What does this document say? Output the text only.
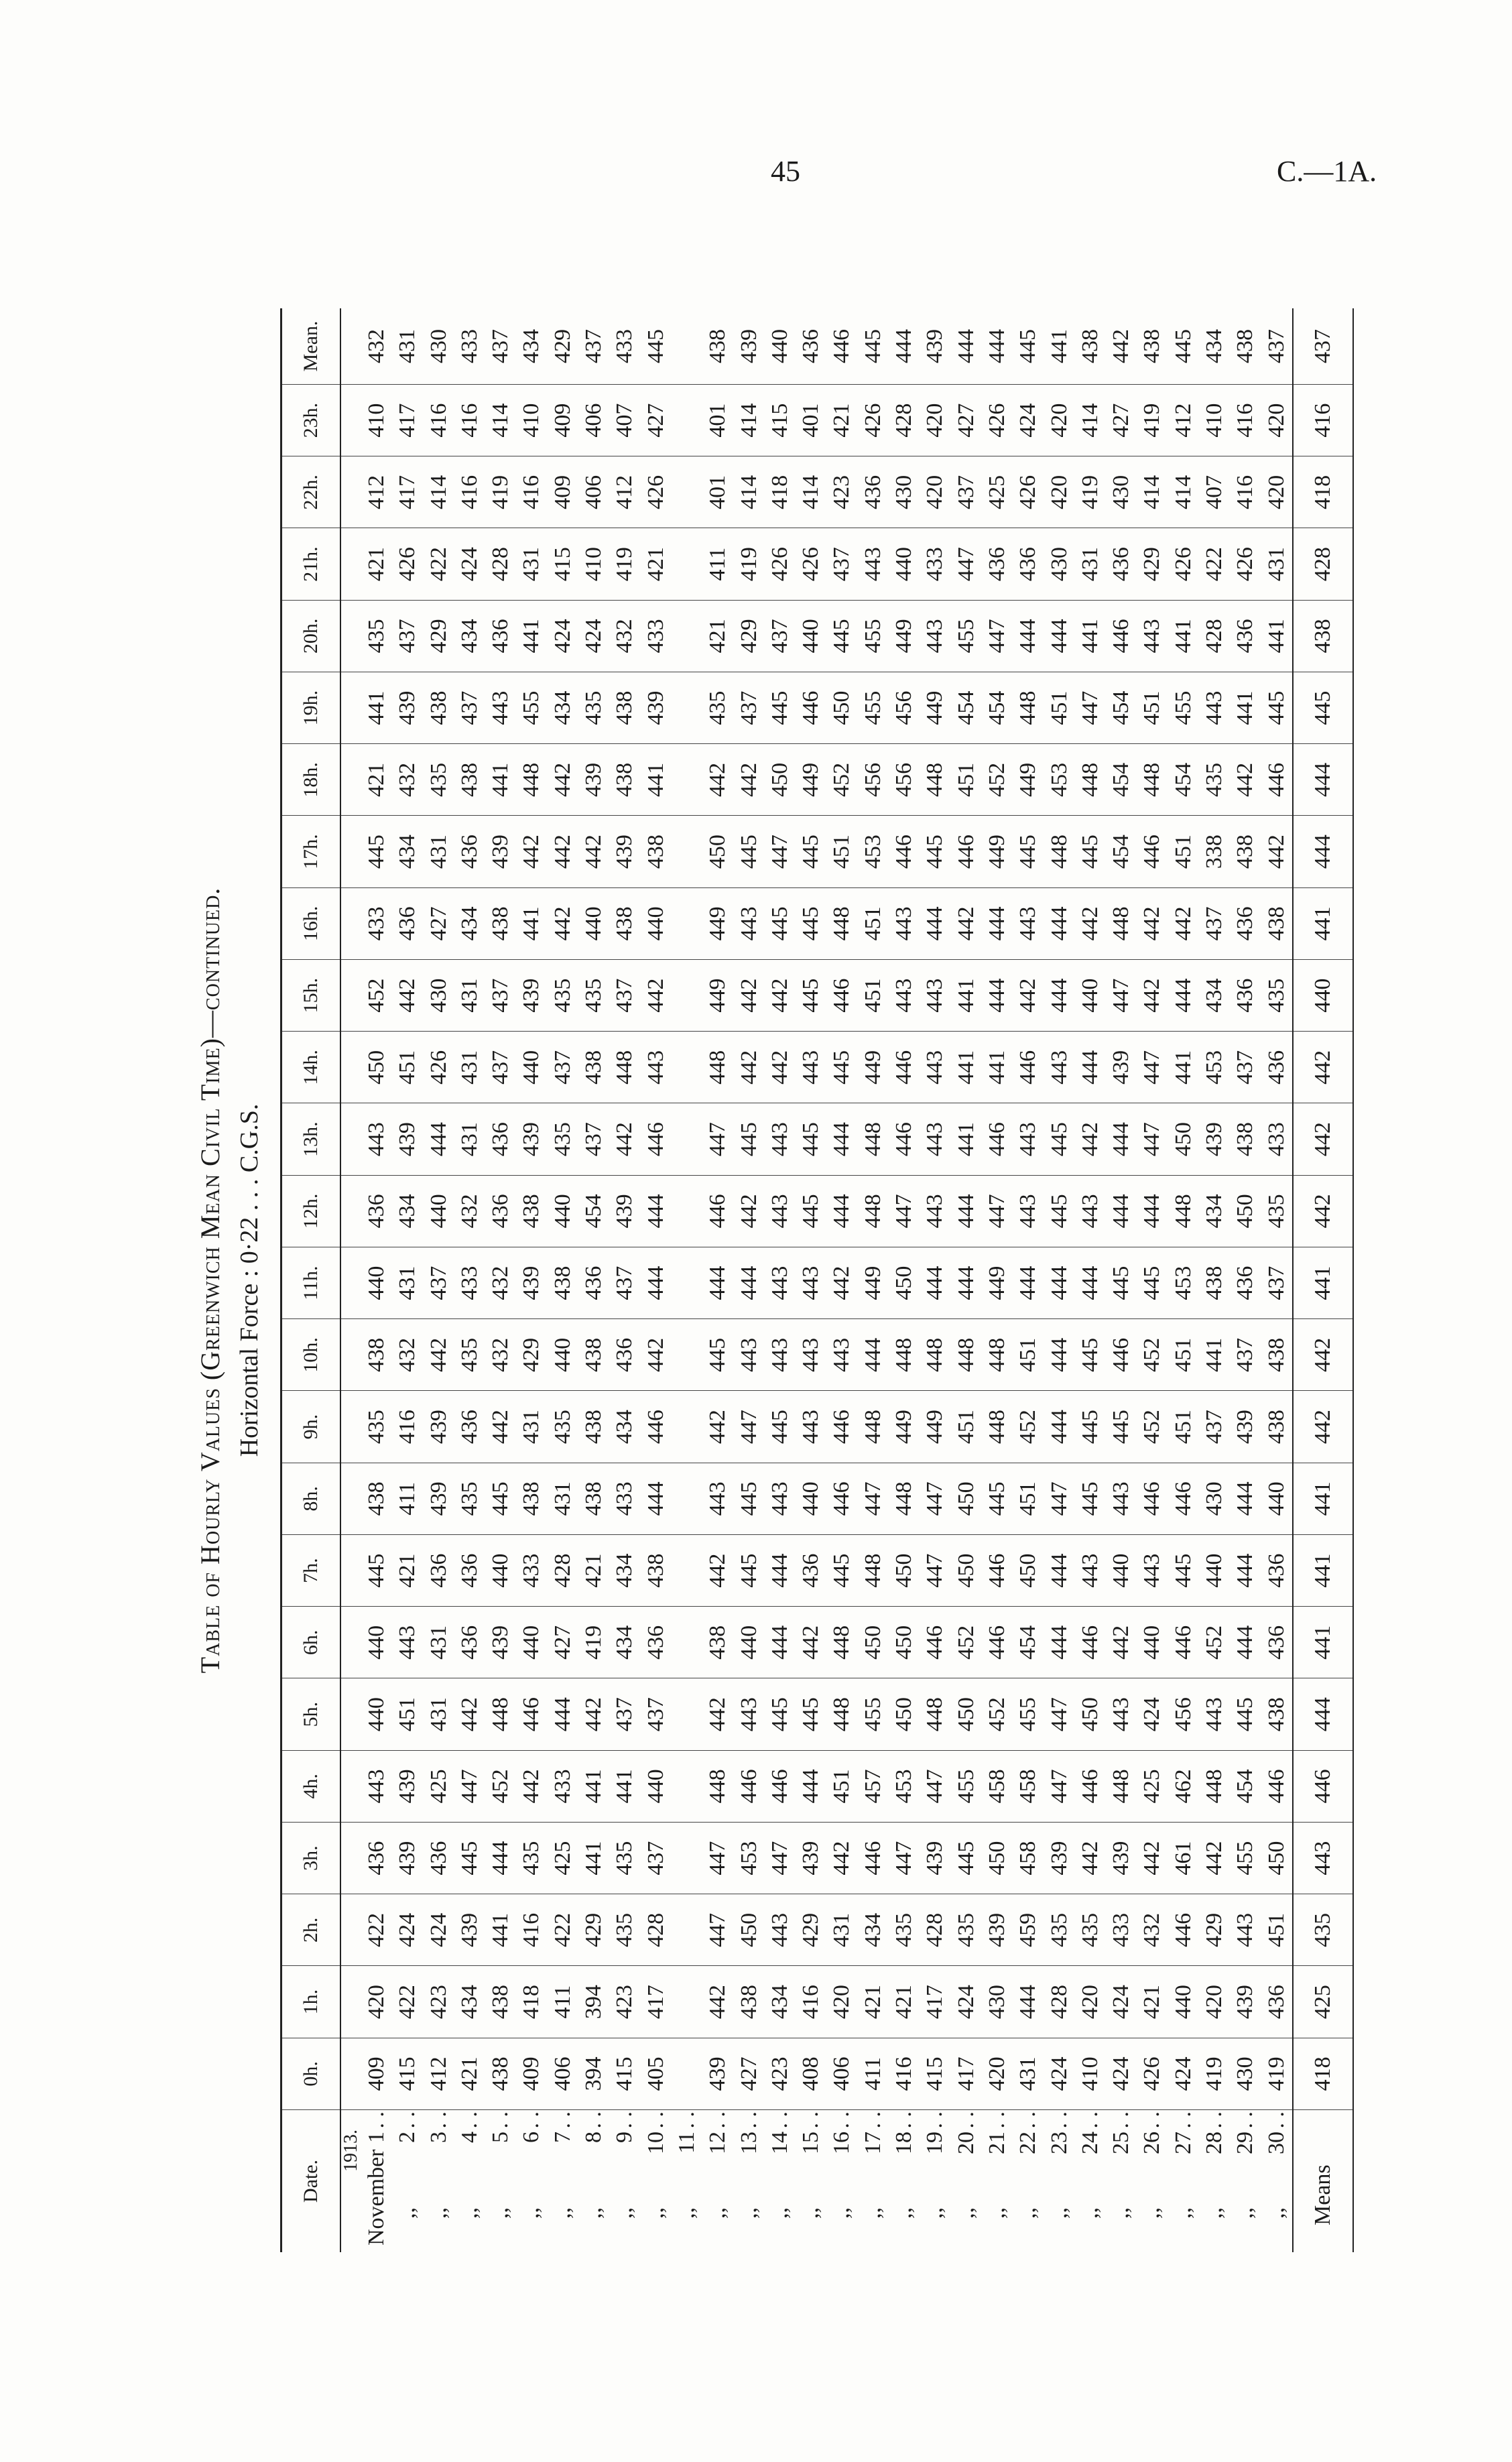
45	C.—1A.
Table of Hourly Values (Greenwich Mean Civil Time)—continued. Horizontal Force : 0·22 . . . C.G.S.
Date.	0h.	1h.	2h.	3h.	4h.	5h.	6h.	7h.	8h.	9h.	10h.	11h.	12h.	13h.	14h.	15h.	16h.	17h.	18h.	19h.	20h.	21h.	22h.	23h.	Mean.
1913.																									
November1. .	409	420	422	436	443	440	440	445	438	435	438	440	436	443	450	452	433	445	421	441	435	421	412	410	432
,,2. .	415	422	424	439	439	451	443	421	411	416	432	431	434	439	451	442	436	434	432	439	437	426	417	417	431
,,3. .	412	423	424	436	425	431	431	436	439	439	442	437	440	444	426	430	427	431	435	438	429	422	414	416	430
,,4. .	421	434	439	445	447	442	436	436	435	436	435	433	432	431	431	431	434	436	438	437	434	424	416	416	433
,,5. .	438	438	441	444	452	448	439	440	445	442	432	432	436	436	437	437	438	439	441	443	436	428	419	414	437
,,6. .	409	418	416	435	442	446	440	433	438	431	429	439	438	439	440	439	441	442	448	455	441	431	416	410	434
,,7. .	406	411	422	425	433	444	427	428	431	435	440	438	440	435	437	435	442	442	442	434	424	415	409	409	429
,,8. .	394	394	429	441	441	442	419	421	438	438	438	436	454	437	438	435	440	442	439	435	424	410	406	406	437
,,9. .	415	423	435	435	441	437	434	434	433	434	436	437	439	442	448	437	438	439	438	438	432	419	412	407	433
,,10. .	405	417	428	437	440	437	436	438	444	446	442	444	444	446	443	442	440	438	441	439	433	421	426	427	445
,,11. .																									
,,12. .	439	442	447	447	448	442	438	442	443	442	445	444	446	447	448	449	449	450	442	435	421	411	401	401	438
,,13. .	427	438	450	453	446	443	440	445	445	447	443	444	442	445	442	442	443	445	442	437	429	419	414	414	439
,,14. .	423	434	443	447	446	445	444	444	443	445	443	443	443	443	442	442	445	447	450	445	437	426	418	415	440
,,15. .	408	416	429	439	444	445	442	436	440	443	443	443	445	445	443	445	445	445	449	446	440	426	414	401	436
,,16. .	406	420	431	442	451	448	448	445	446	446	443	442	444	444	445	446	448	451	452	450	445	437	423	421	446
,,17. .	411	421	434	446	457	455	450	448	447	448	444	449	448	448	449	451	451	453	456	455	455	443	436	426	445
,,18. .	416	421	435	447	453	450	450	450	448	449	448	450	447	446	446	443	443	446	456	456	449	440	430	428	444
,,19. .	415	417	428	439	447	448	446	447	447	449	448	444	443	443	443	443	444	445	448	449	443	433	420	420	439
,,20. .	417	424	435	445	455	450	452	450	450	451	448	444	444	441	441	441	442	446	451	454	455	447	437	427	444
,,21. .	420	430	439	450	458	452	446	446	445	448	448	449	447	446	441	444	444	449	452	454	447	436	425	426	444
,,22. .	431	444	459	458	458	455	454	450	451	452	451	444	443	443	446	442	443	445	449	448	444	436	426	424	445
,,23. .	424	428	435	439	447	447	444	444	447	444	444	444	445	445	443	444	444	448	453	451	444	430	420	420	441
,,24. .	410	420	435	442	446	450	446	443	445	445	445	444	443	442	444	440	442	445	448	447	441	431	419	414	438
,,25. .	424	424	433	439	448	443	442	440	443	445	446	445	444	444	439	447	448	454	454	454	446	436	430	427	442
,,26. .	426	421	432	442	425	424	440	443	446	452	452	445	444	447	447	442	442	446	448	451	443	429	414	419	438
,,27. .	424	440	446	461	462	456	446	445	446	451	451	453	448	450	441	444	442	451	454	455	441	426	414	412	445
,,28. .	419	420	429	442	448	443	452	440	430	437	441	438	434	439	453	434	437	338	435	443	428	422	407	410	434
,,29. .	430	439	443	455	454	445	444	444	444	439	437	436	450	438	437	436	436	438	442	441	436	426	416	416	438
,,30. .	419	436	451	450	446	438	436	436	440	438	438	437	435	433	436	435	438	442	446	445	441	431	420	420	437
Means	418	425	435	443	446	444	441	441	441	442	442	441	442	442	442	440	441	444	444	445	438	428	418	416	437
